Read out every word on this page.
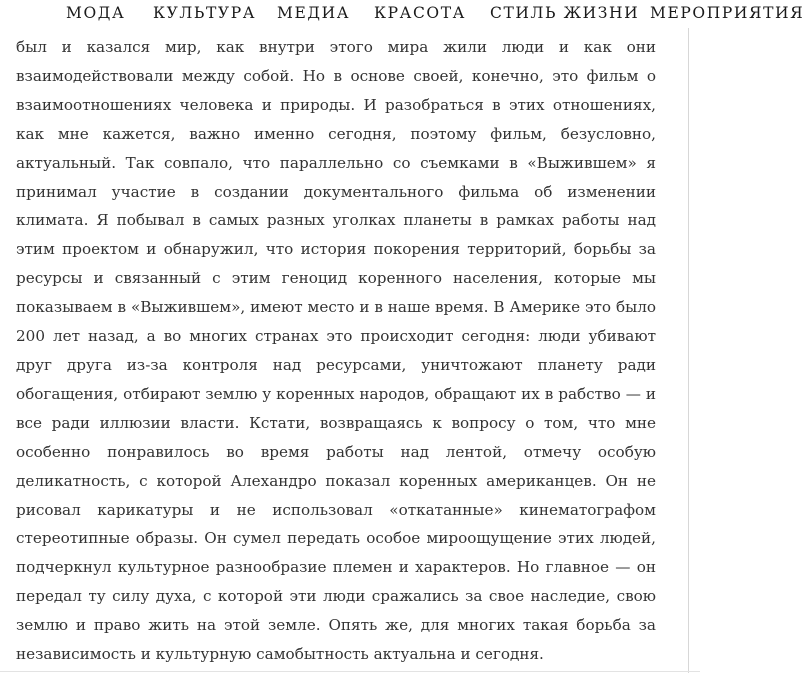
МОДА КУЛЬТУРА МЕДИА КРАСОТА СТИЛЬ ЖИЗНИ МЕРОПРИЯТИЯ

был и казался мир, как внутри этого мира жили люди и как они взаимодействовали между собой. Но в основе своей, конечно, это фильм о взаимоотношениях человека и природы. И разобраться в этих отношениях, как мне кажется, важно именно сегодня, поэтому фильм, безусловно, актуальный. Так совпало, что параллельно со съемками в «Выжившем» я принимал участие в создании документального фильма об изменении климата. Я побывал в самых разных уголках планеты в рамках работы над этим проектом и обнаружил, что история покорения территорий, борьбы за ресурсы и связанный с этим геноцид коренного населения, которые мы показываем в «Выжившем», имеют место и в наше время. В Америке это было 200 лет назад, а во многих странах это происходит сегодня: люди убивают друг друга из-за контроля над ресурсами, уничтожают планету ради обогащения, отбирают землю у коренных народов, обращают их в рабство — и все ради иллюзии власти. Кстати, возвращаясь к вопросу о том, что мне особенно понравилось во время работы над лентой, отмечу особую деликатность, с которой Алехандро показал коренных американцев. Он не рисовал карикатуры и не использовал «откатанные» кинематографом стереотипные образы. Он сумел передать особое мироощущение этих людей, подчеркнул культурное разнообразие племен и характеров. Но главное — он передал ту силу духа, с которой эти люди сражались за свое наследие, свою землю и право жить на этой земле. Опять же, для многих такая борьба за независимость и культурную самобытность актуальна и сегодня.
